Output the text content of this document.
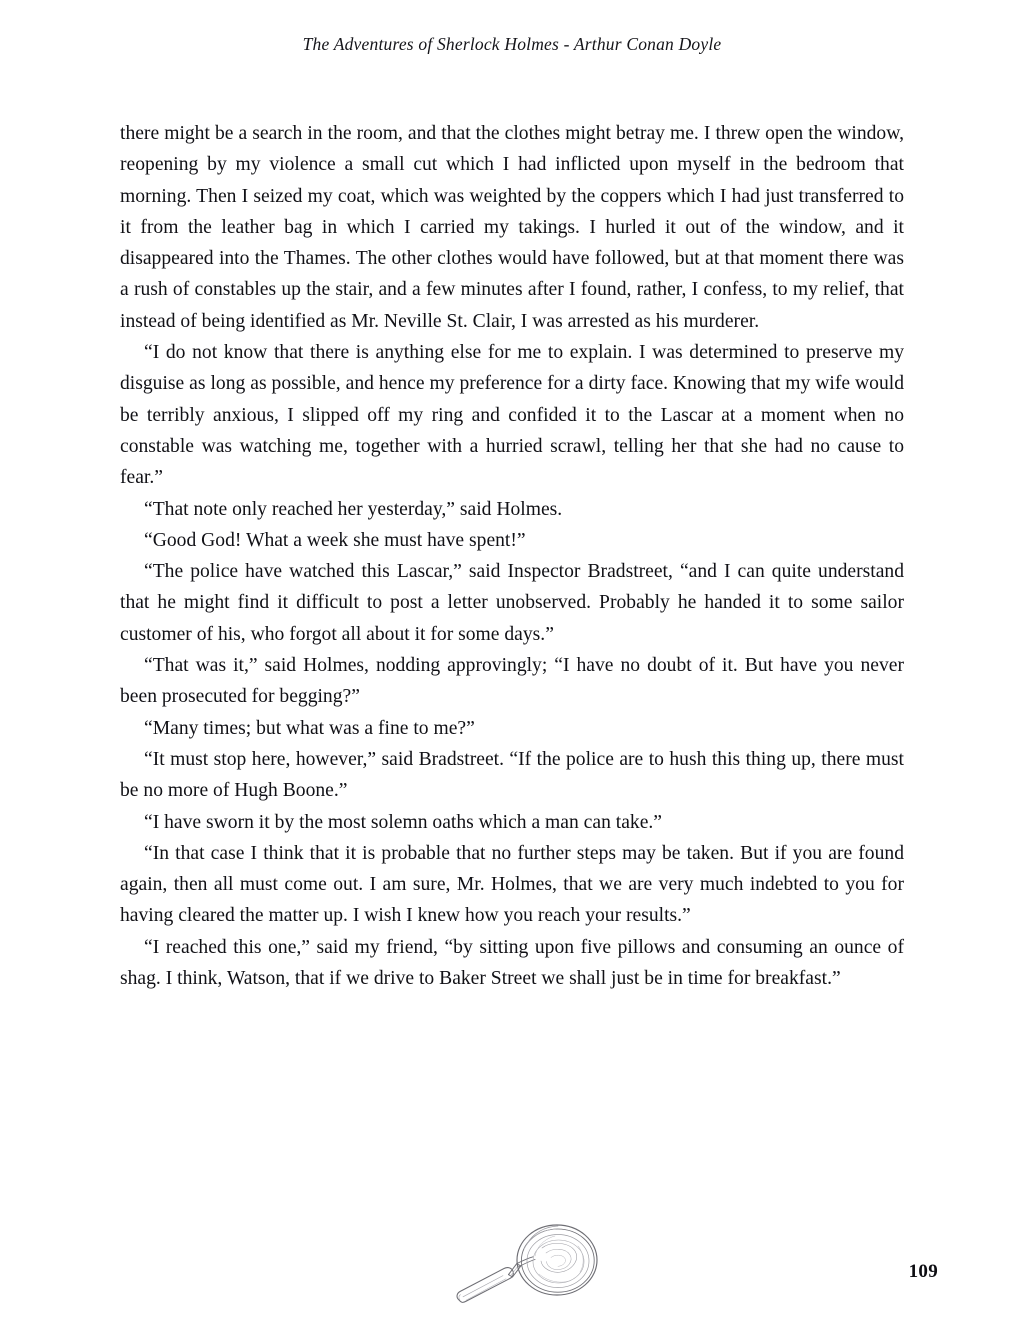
The Adventures of Sherlock Holmes - Arthur Conan Doyle

there might be a search in the room, and that the clothes might betray me. I threw open the window, reopening by my violence a small cut which I had inflicted upon myself in the bedroom that morning. Then I seized my coat, which was weighted by the coppers which I had just transferred to it from the leather bag in which I carried my takings. I hurled it out of the window, and it disappeared into the Thames. The other clothes would have followed, but at that moment there was a rush of constables up the stair, and a few minutes after I found, rather, I confess, to my relief, that instead of being identified as Mr. Neville St. Clair, I was arrested as his murderer.

“I do not know that there is anything else for me to explain. I was determined to preserve my disguise as long as possible, and hence my preference for a dirty face. Knowing that my wife would be terribly anxious, I slipped off my ring and confided it to the Lascar at a moment when no constable was watching me, together with a hurried scrawl, telling her that she had no cause to fear.”

“That note only reached her yesterday,” said Holmes.

“Good God! What a week she must have spent!”

“The police have watched this Lascar,” said Inspector Bradstreet, “and I can quite understand that he might find it difficult to post a letter unobserved. Probably he handed it to some sailor customer of his, who forgot all about it for some days.”

“That was it,” said Holmes, nodding approvingly; “I have no doubt of it. But have you never been prosecuted for begging?”

“Many times; but what was a fine to me?”

“It must stop here, however,” said Bradstreet. “If the police are to hush this thing up, there must be no more of Hugh Boone.”

“I have sworn it by the most solemn oaths which a man can take.”

“In that case I think that it is probable that no further steps may be taken. But if you are found again, then all must come out. I am sure, Mr. Holmes, that we are very much indebted to you for having cleared the matter up. I wish I knew how you reach your results.”

“I reached this one,” said my friend, “by sitting upon five pillows and consuming an ounce of shag. I think, Watson, that if we drive to Baker Street we shall just be in time for breakfast.”

109
